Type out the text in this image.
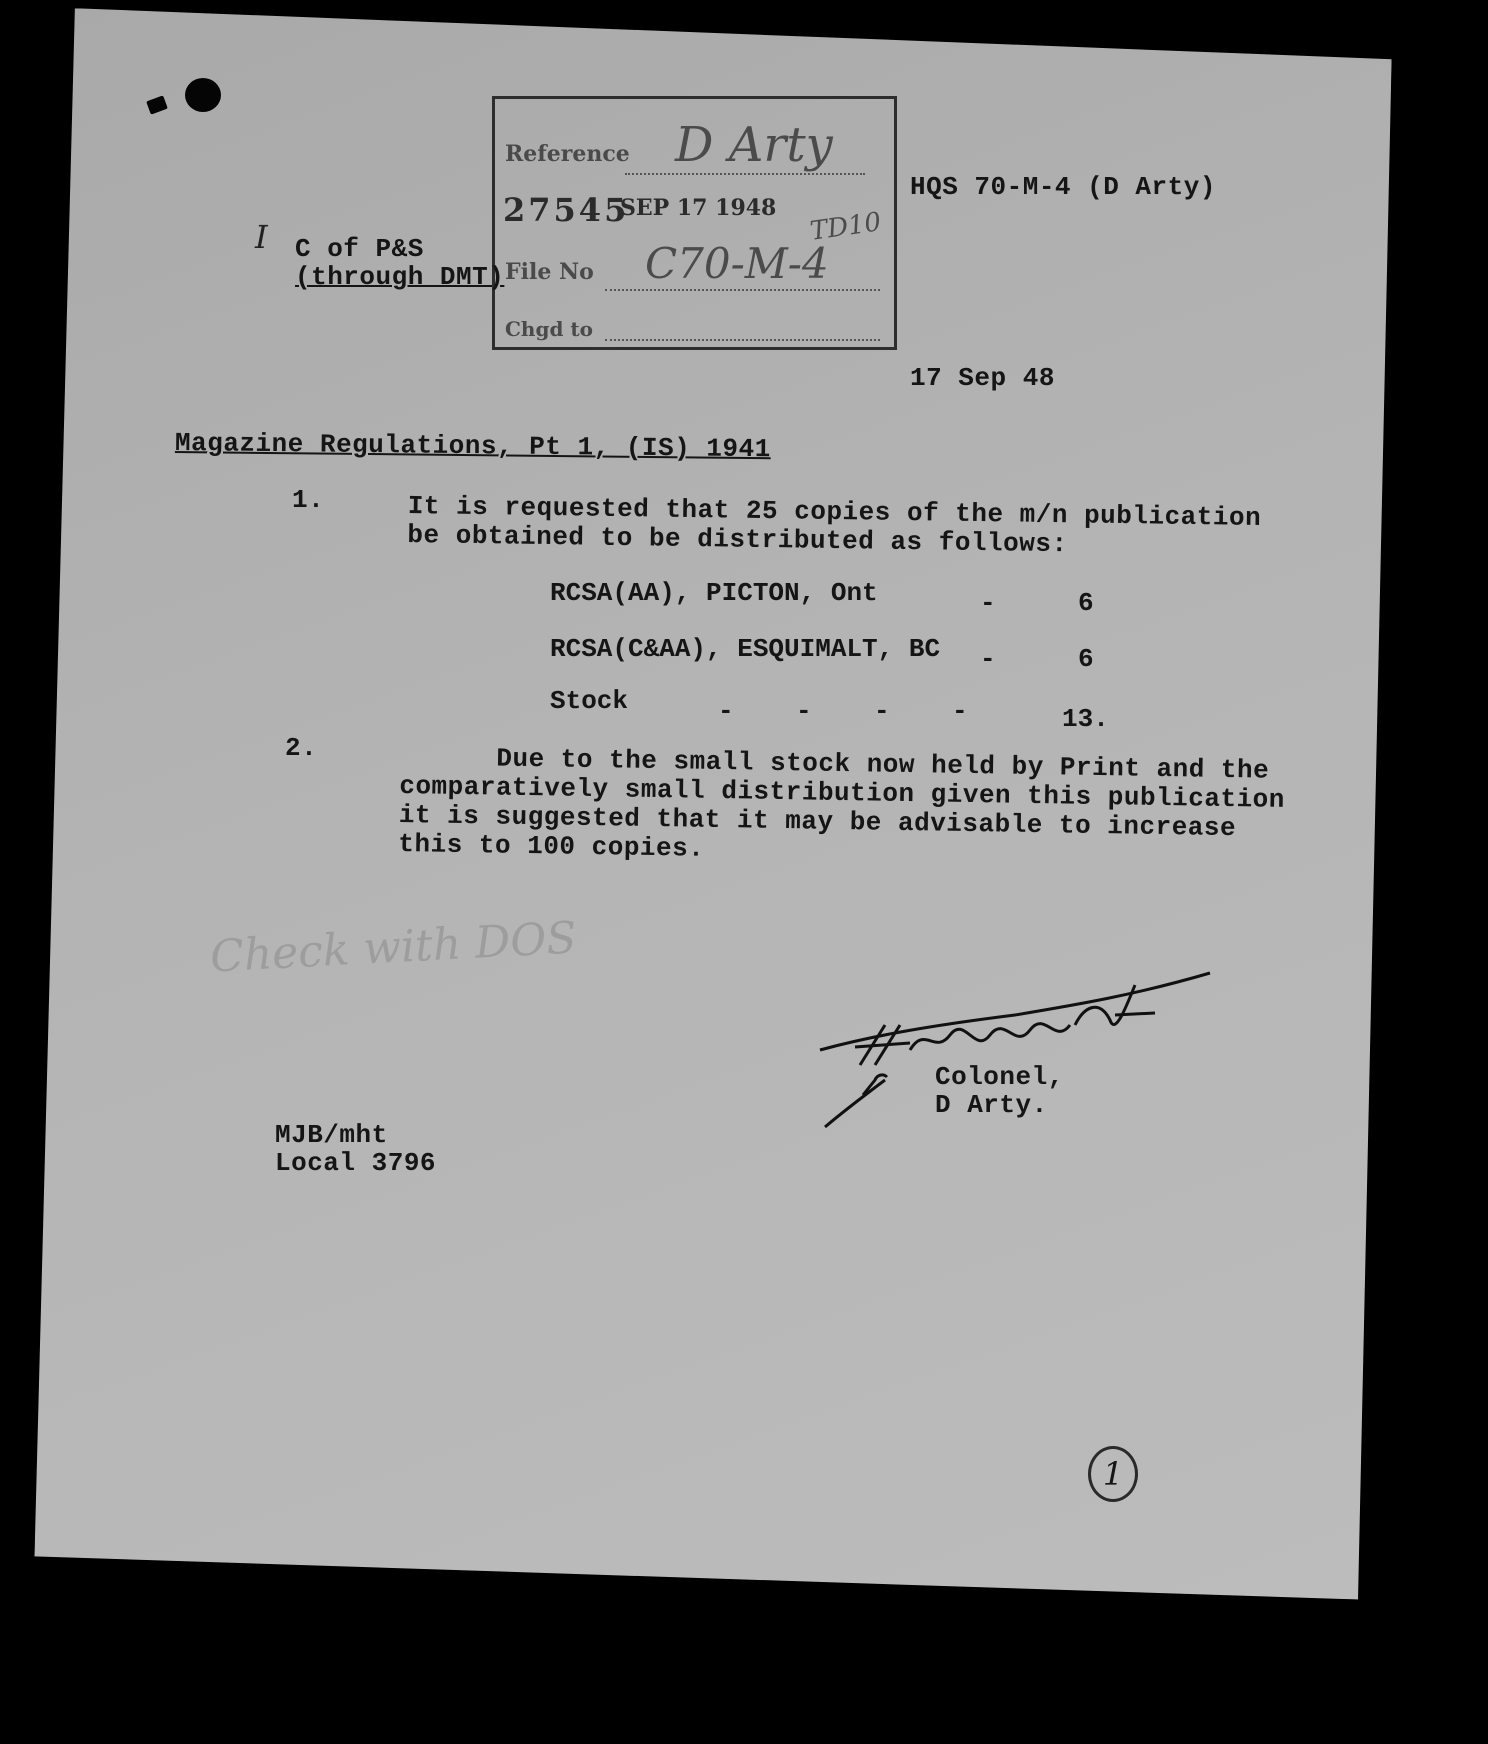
Reference D Arty
27545
SEP 17 1948
File No C70-M-4
Chgd to
TD10
HQS 70-M-4 (D Arty)
I C of P&S
(through DMT)
17 Sep 48
Magazine Regulations, Pt 1, (IS) 1941
1.	It is requested that 25 copies of the m/n publication
be obtained to be distributed as follows:
RCSA(AA), PICTON, Ont	-	6
RCSA(C&AA), ESQUIMALT, BC -	6
Stock	-    -    -    -	13.
2.	Due to the small stock now held by Print and the
comparatively small distribution given this publication
it is suggested that it may be advisable to increase
this to 100 copies.
Check with DOS
Colonel,
D Arty.
MJB/mht
Local 3796
1
